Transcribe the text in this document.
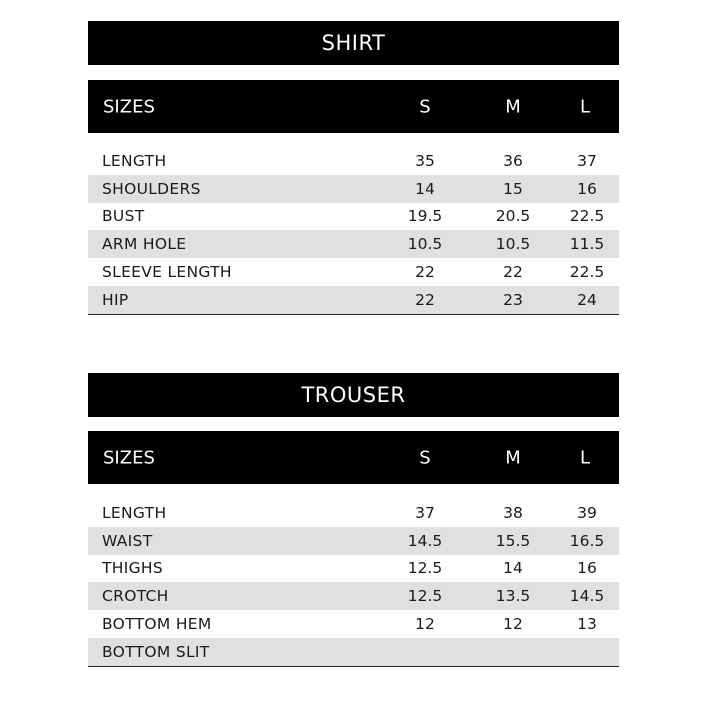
SHIRT
SIZES	S	M	L
LENGTH	35	36	37
SHOULDERS	14	15	16
BUST	19.5	20.5	22.5
ARM HOLE	10.5	10.5	11.5
SLEEVE LENGTH	22	22	22.5
HIP	22	23	24
TROUSER
SIZES	S	M	L
LENGTH	37	38	39
WAIST	14.5	15.5	16.5
THIGHS	12.5	14	16
CROTCH	12.5	13.5	14.5
BOTTOM HEM	12	12	13
BOTTOM SLIT
